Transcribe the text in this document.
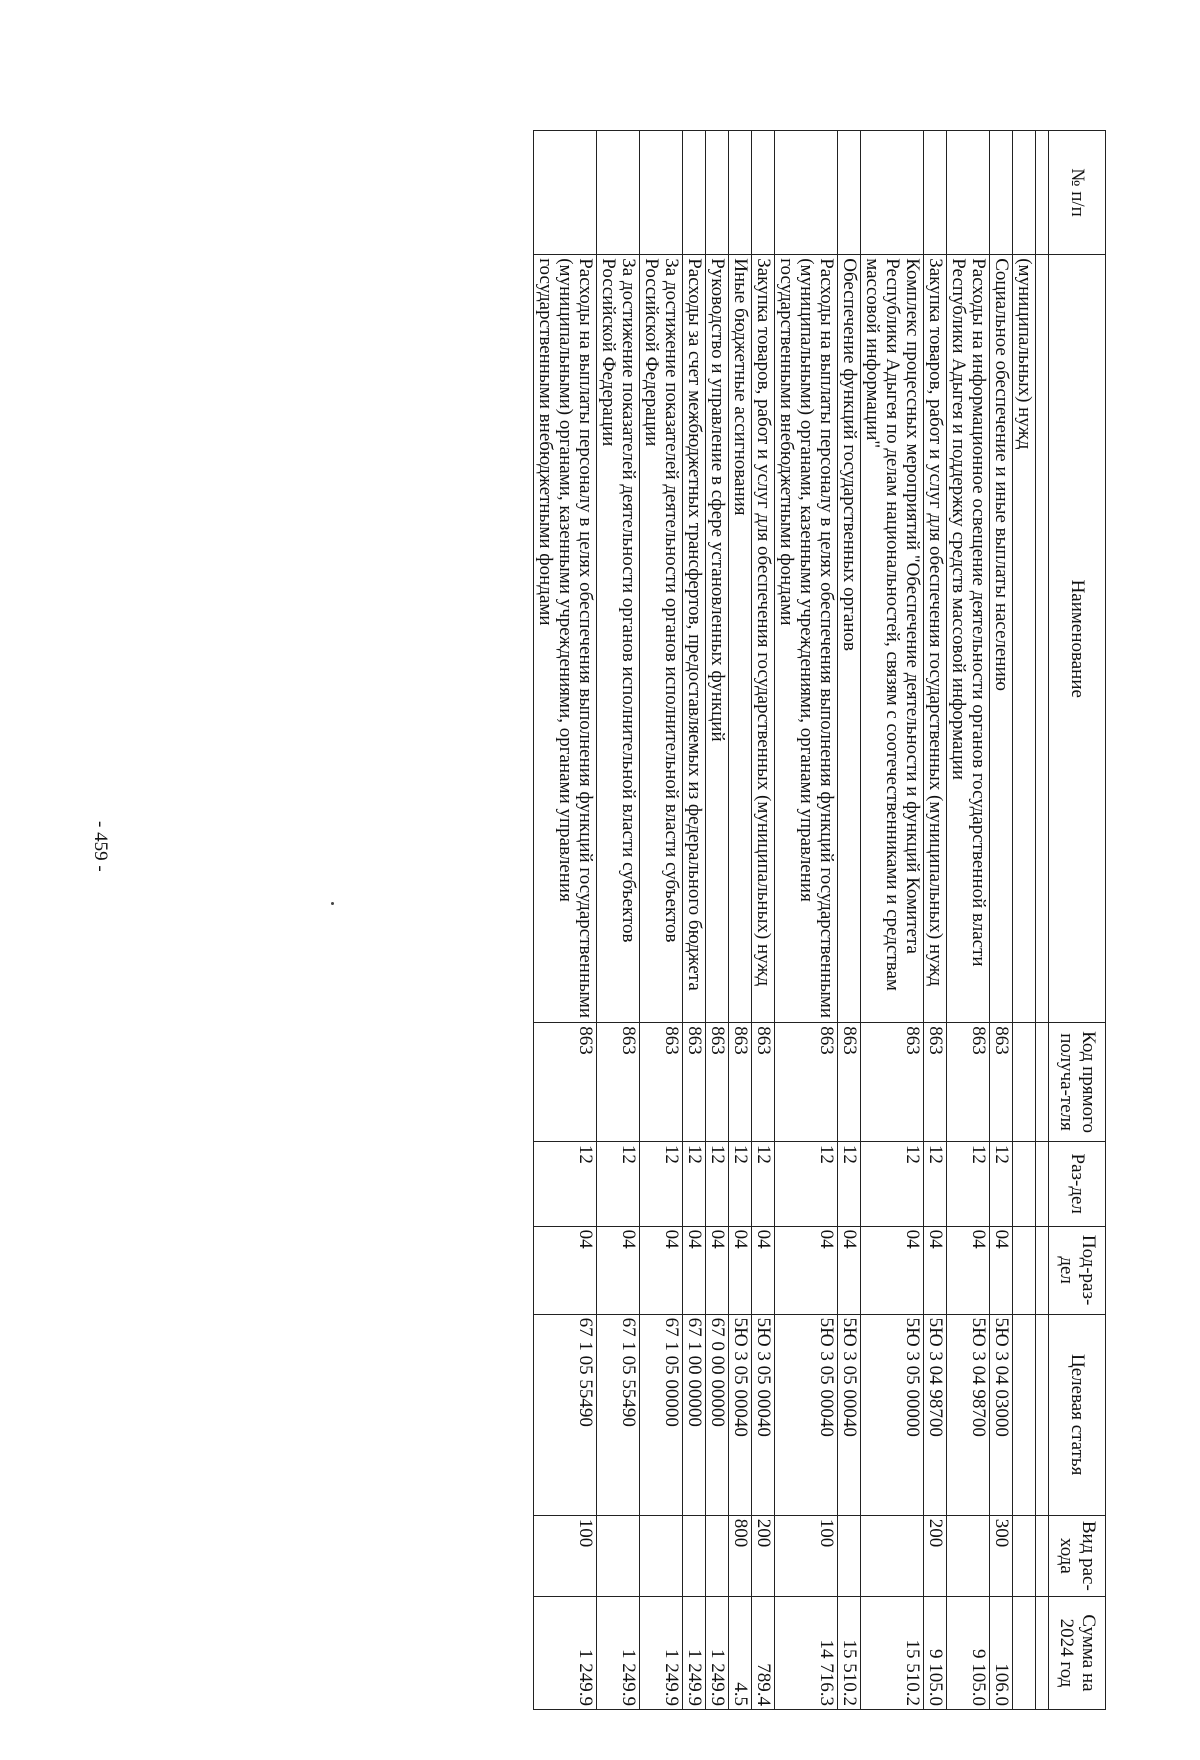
- 459 -
№ п/п	Наименование	Код прямого получа-теля	Раз-дел	Под-раз-дел	Целевая статья	Вид рас-хода	Сумма на 2024 год

	(муниципальных) нужд						
	Социальное обеспечение и иные выплаты населению	863	12	04	5Ю 3 04 03000	300	106.0
	Расходы на информационное освещение деятельности органов государственной власти Республики Адыгея и поддержку средств массовой информации	863	12	04	5Ю 3 04 98700		9 105.0
	Закупка товаров, работ и услуг для обеспечения государственных (муниципальных) нужд	863	12	04	5Ю 3 04 98700	200	9 105.0
	Комплекс процессных мероприятий "Обеспечение деятельности и функций Комитета Республики Адыгея по делам национальностей, связям с соотечественниками и средствам массовой информации"	863	12	04	5Ю 3 05 00000		15 510.2
	Обеспечение функций государственных органов	863	12	04	5Ю 3 05 00040		15 510.2
	Расходы на выплаты персоналу в целях обеспечения выполнения функций государственными (муниципальными) органами, казенными учреждениями, органами управления государственными внебюджетными фондами	863	12	04	5Ю 3 05 00040	100	14 716.3
	Закупка товаров, работ и услуг для обеспечения государственных (муниципальных) нужд	863	12	04	5Ю 3 05 00040	200	789.4
	Иные бюджетные ассигнования	863	12	04	5Ю 3 05 00040	800	4.5
	Руководство и управление в сфере установленных функций	863	12	04	67 0 00 00000		1 249.9
	Расходы за счет межбюджетных трансфертов, предоставляемых из федерального бюджета	863	12	04	67 1 00 00000		1 249.9
	За достижение показателей деятельности органов исполнительной власти субъектов Российской Федерации	863	12	04	67 1 05 00000		1 249.9
	За достижение показателей деятельности органов исполнительной власти субъектов Российской Федерации	863	12	04	67 1 05 55490		1 249.9
	Расходы на выплаты персоналу в целях обеспечения выполнения функций государственными (муниципальными) органами, казенными учреждениями, органами управления государственными внебюджетными фондами	863	12	04	67 1 05 55490	100	1 249.9
